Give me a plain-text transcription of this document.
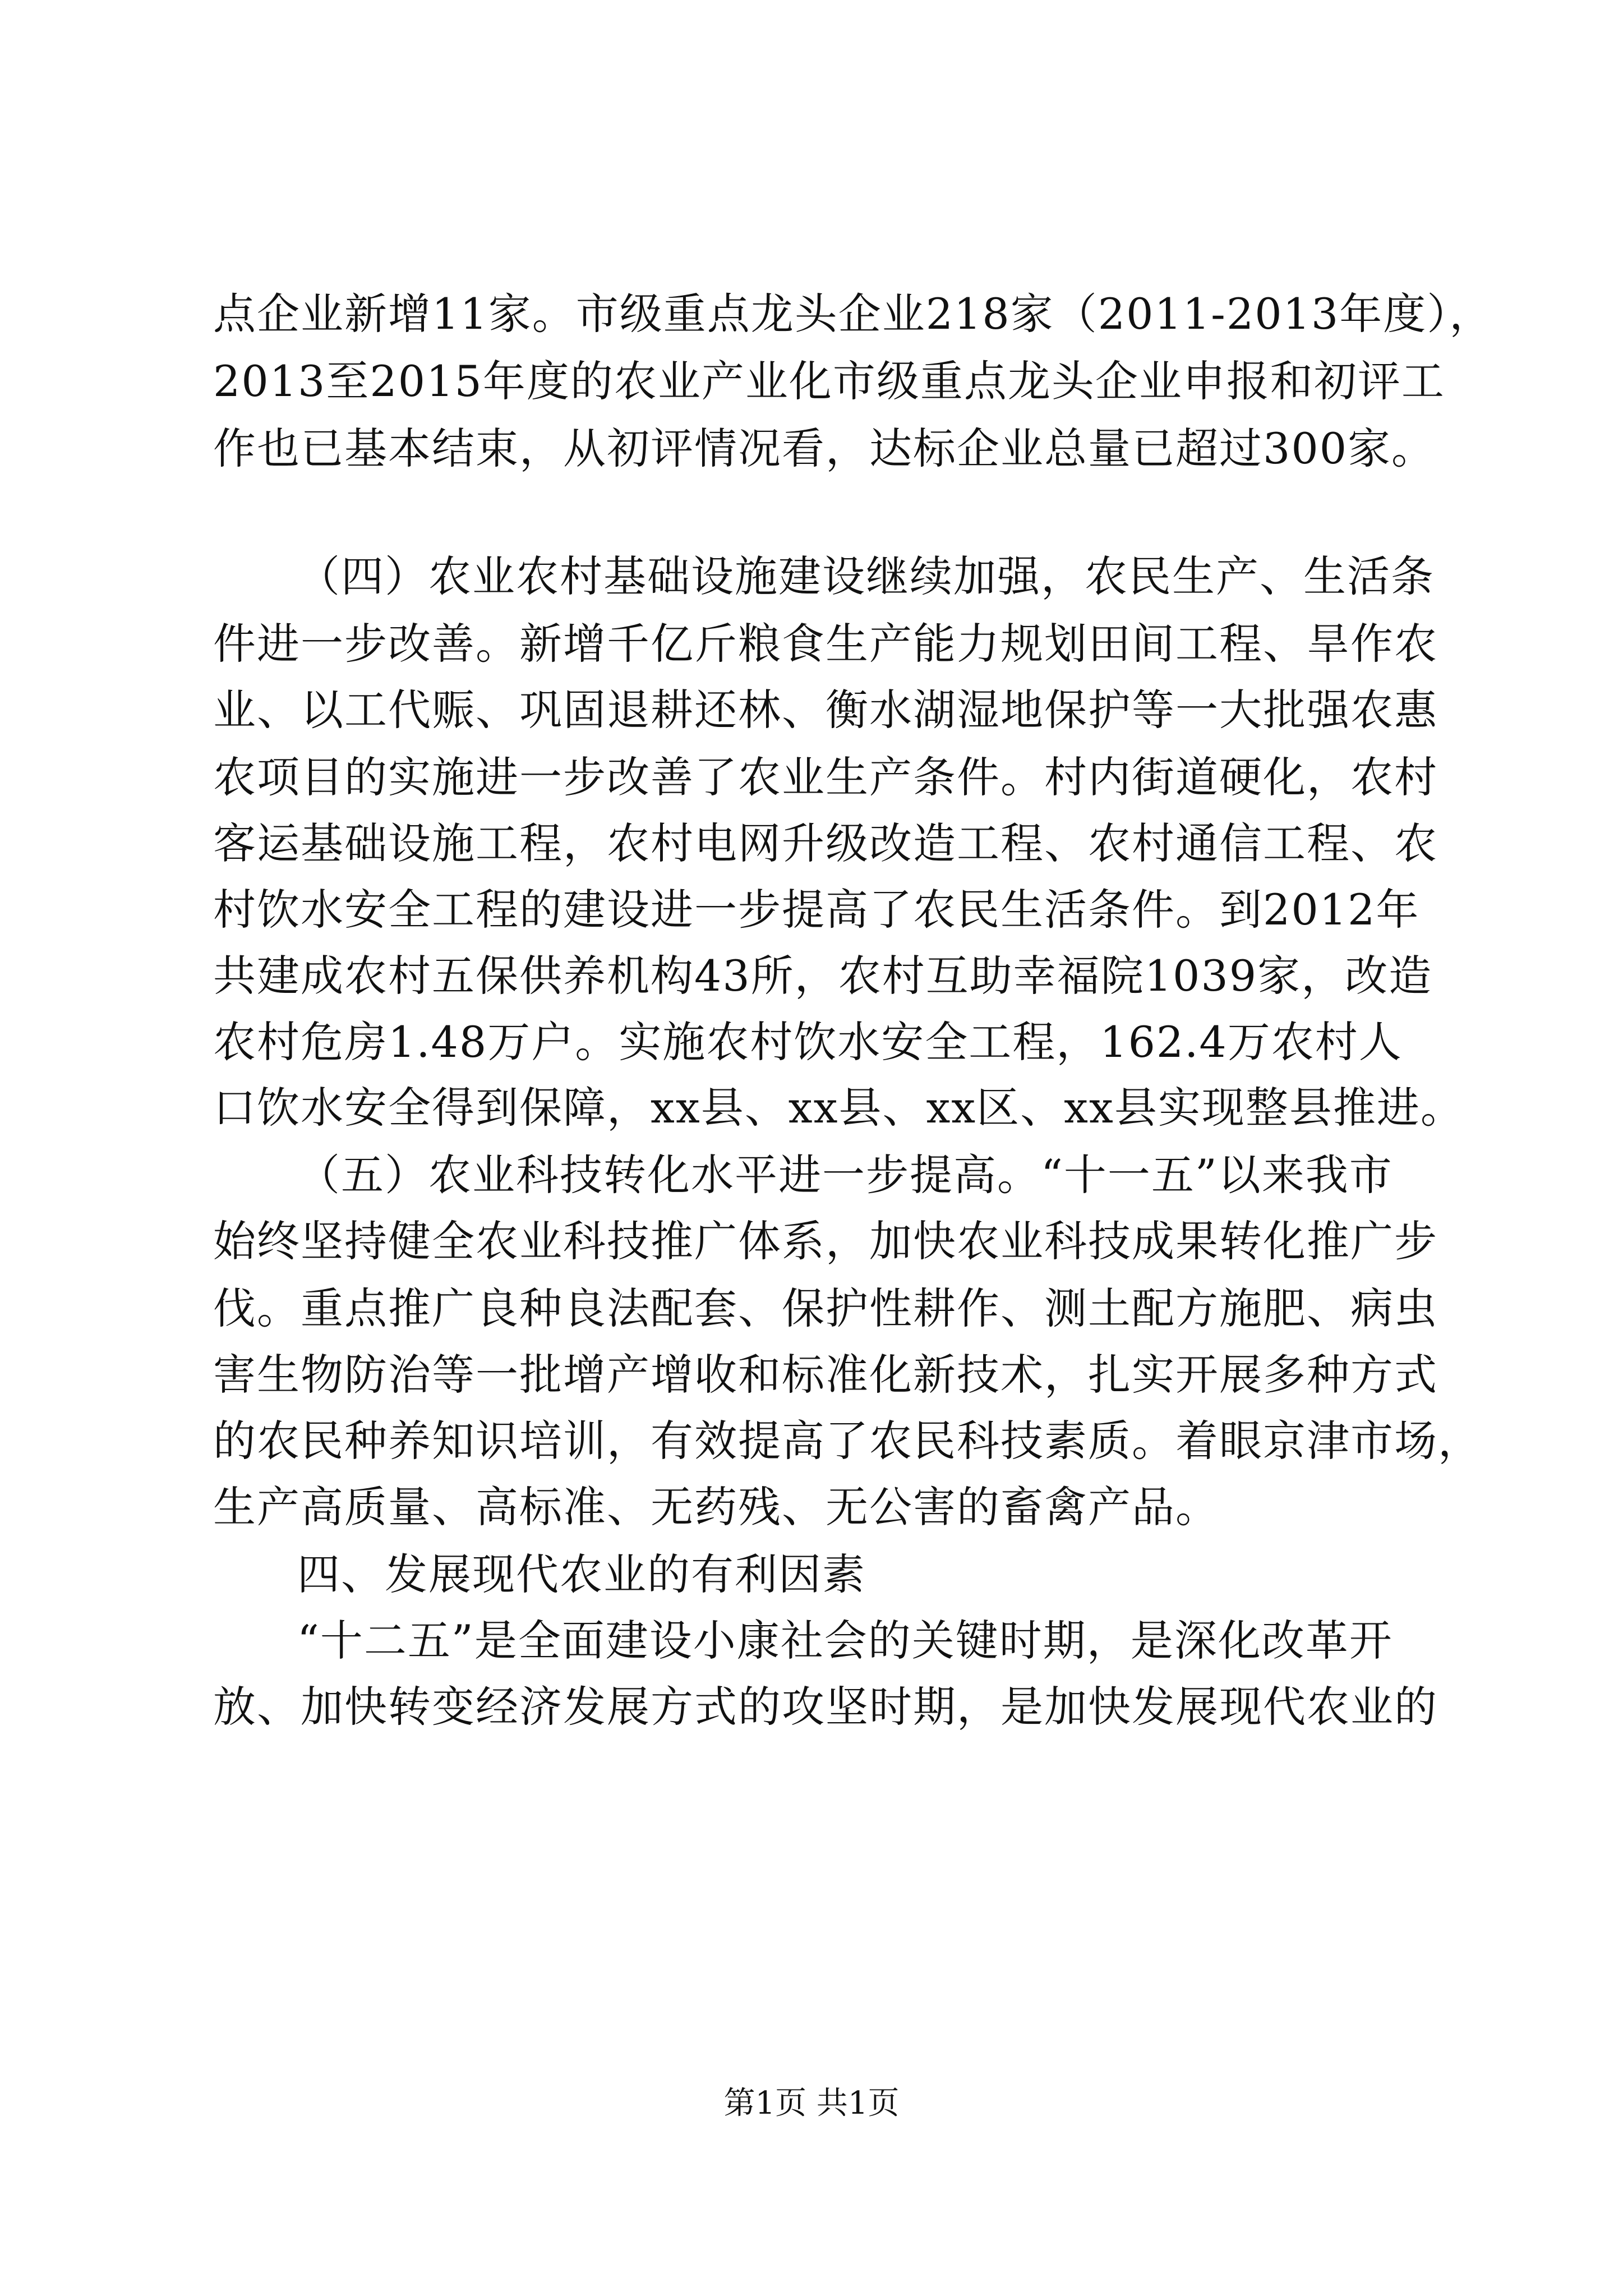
点企业新增11家。市级重点龙头企业218家（2011-2013年度），
2013至2015年度的农业产业化市级重点龙头企业申报和初评工
作也已基本结束，从初评情况看，达标企业总量已超过300家。
（四）农业农村基础设施建设继续加强，农民生产、生活条
件进一步改善。新增千亿斤粮食生产能力规划田间工程、旱作农
业、以工代赈、巩固退耕还林、衡水湖湿地保护等一大批强农惠
农项目的实施进一步改善了农业生产条件。村内街道硬化，农村
客运基础设施工程，农村电网升级改造工程、农村通信工程、农
村饮水安全工程的建设进一步提高了农民生活条件。到2012年
共建成农村五保供养机构43所，农村互助幸福院1039家，改造
农村危房1.48万户。实施农村饮水安全工程，162.4万农村人
口饮水安全得到保障，xx县、xx县、xx区、xx县实现整县推进。
（五）农业科技转化水平进一步提高。“十一五”以来我市
始终坚持健全农业科技推广体系，加快农业科技成果转化推广步
伐。重点推广良种良法配套、保护性耕作、测土配方施肥、病虫
害生物防治等一批增产增收和标准化新技术，扎实开展多种方式
的农民种养知识培训，有效提高了农民科技素质。着眼京津市场，
生产高质量、高标准、无药残、无公害的畜禽产品。
四、发展现代农业的有利因素
“十二五”是全面建设小康社会的关键时期，是深化改革开
放、加快转变经济发展方式的攻坚时期，是加快发展现代农业的
第1页 共1页
